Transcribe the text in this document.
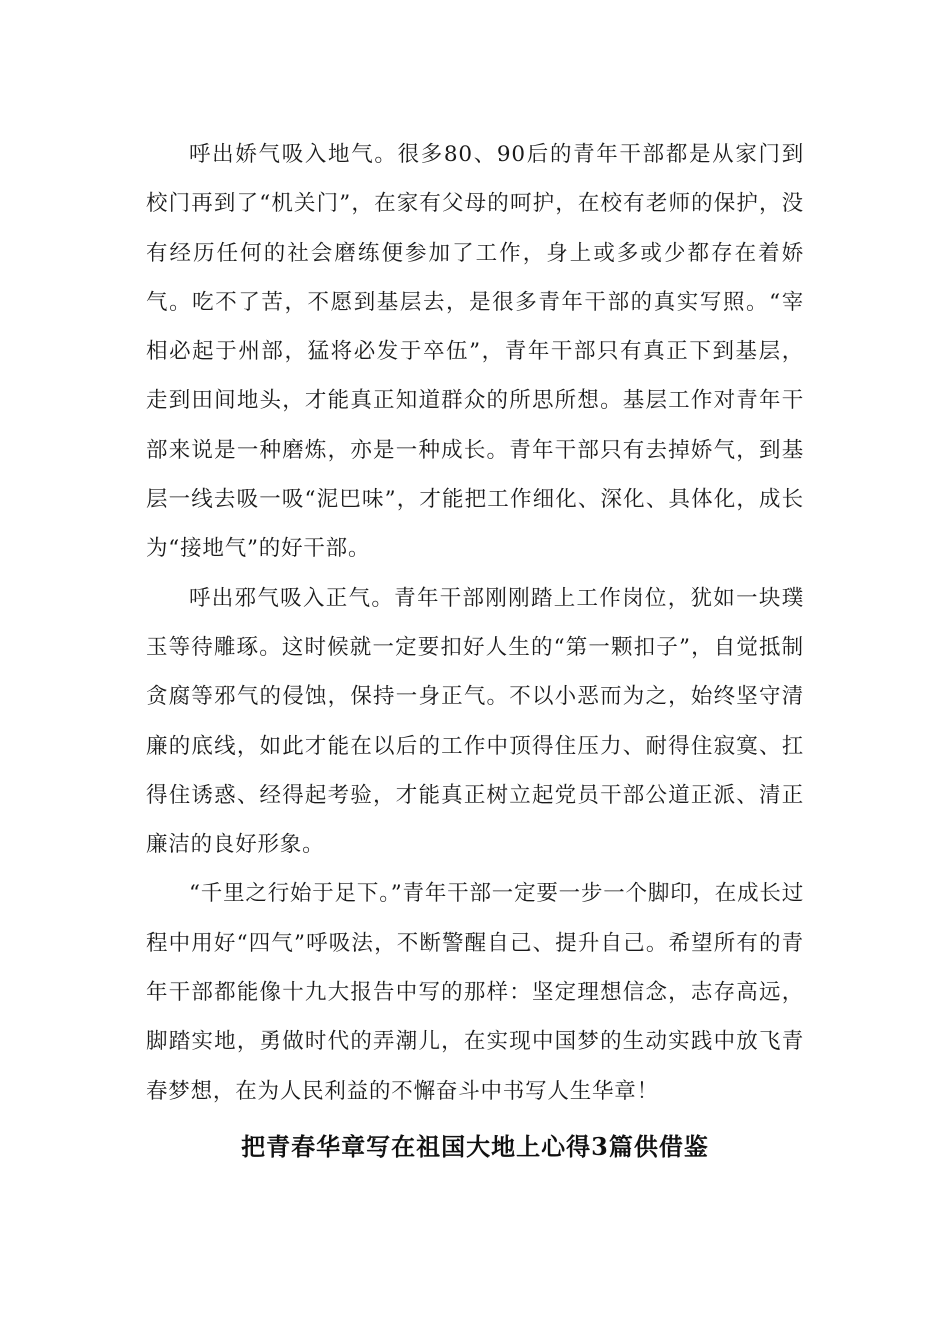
呼出娇气吸入地气。很多80、90后的青年干部都是从家门到校门再到了“机关门”，在家有父母的呵护，在校有老师的保护，没有经历任何的社会磨练便参加了工作，身上或多或少都存在着娇气。吃不了苦，不愿到基层去，是很多青年干部的真实写照。“宰相必起于州部，猛将必发于卒伍”，青年干部只有真正下到基层，走到田间地头，才能真正知道群众的所思所想。基层工作对青年干部来说是一种磨炼，亦是一种成长。青年干部只有去掉娇气，到基层一线去吸一吸“泥巴味”，才能把工作细化、深化、具体化，成长为“接地气”的好干部。

呼出邪气吸入正气。青年干部刚刚踏上工作岗位，犹如一块璞玉等待雕琢。这时候就一定要扣好人生的“第一颗扣子”，自觉抵制贪腐等邪气的侵蚀，保持一身正气。不以小恶而为之，始终坚守清廉的底线，如此才能在以后的工作中顶得住压力、耐得住寂寞、扛得住诱惑、经得起考验，才能真正树立起党员干部公道正派、清正廉洁的良好形象。

“千里之行始于足下。”青年干部一定要一步一个脚印，在成长过程中用好“四气”呼吸法，不断警醒自己、提升自己。希望所有的青年干部都能像十九大报告中写的那样：坚定理想信念，志存高远，脚踏实地，勇做时代的弄潮儿，在实现中国梦的生动实践中放飞青春梦想，在为人民利益的不懈奋斗中书写人生华章！

把青春华章写在祖国大地上心得3篇供借鉴
